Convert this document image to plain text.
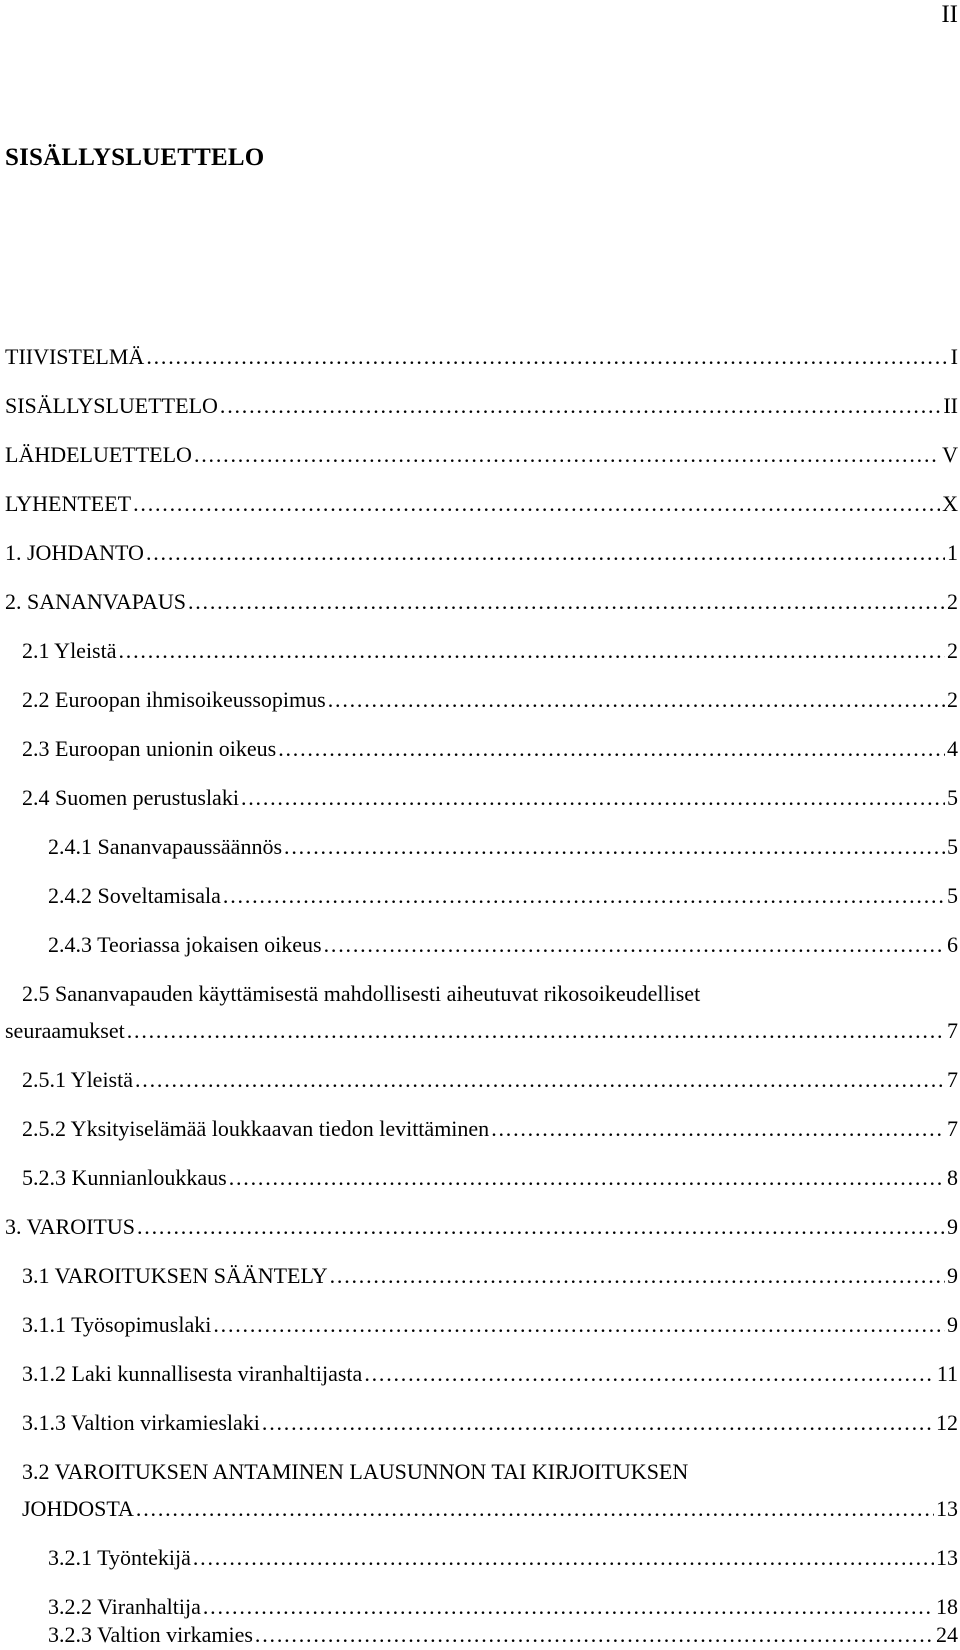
II
SISÄLLYSLUETTELO
TIIVISTELMÄ .....	I
SISÄLLYSLUETTELO .....	II
LÄHDELUETTELO .....	V
LYHENTEET .....	X
1. JOHDANTO .....	1
2. SANANVAPAUS .....	2
2.1 Yleistä .....	2
2.2 Euroopan ihmisoikeussopimus .....	2
2.3 Euroopan unionin oikeus .....	4
2.4 Suomen perustuslaki .....	5
2.4.1 Sananvapaussäännös .....	5
2.4.2 Soveltamisala .....	5
2.4.3 Teoriassa jokaisen oikeus .....	6
2.5 Sananvapauden käyttämisestä mahdollisesti aiheutuvat rikosoikeudelliset
seuraamukset .....	7
2.5.1 Yleistä .....	7
2.5.2 Yksityiselämää loukkaavan tiedon levittäminen .....	7
5.2.3 Kunnianloukkaus .....	8
3. VAROITUS .....	9
3.1 VAROITUKSEN SÄÄNTELY .....	9
3.1.1 Työsopimuslaki .....	9
3.1.2 Laki kunnallisesta viranhaltijasta .....	11
3.1.3 Valtion virkamieslaki .....	12
3.2 VAROITUKSEN ANTAMINEN LAUSUNNON TAI KIRJOITUKSEN
JOHDOSTA .....	13
3.2.1 Työntekijä .....	13
3.2.2 Viranhaltija .....	18
3.2.3 Valtion virkamies .....	24
